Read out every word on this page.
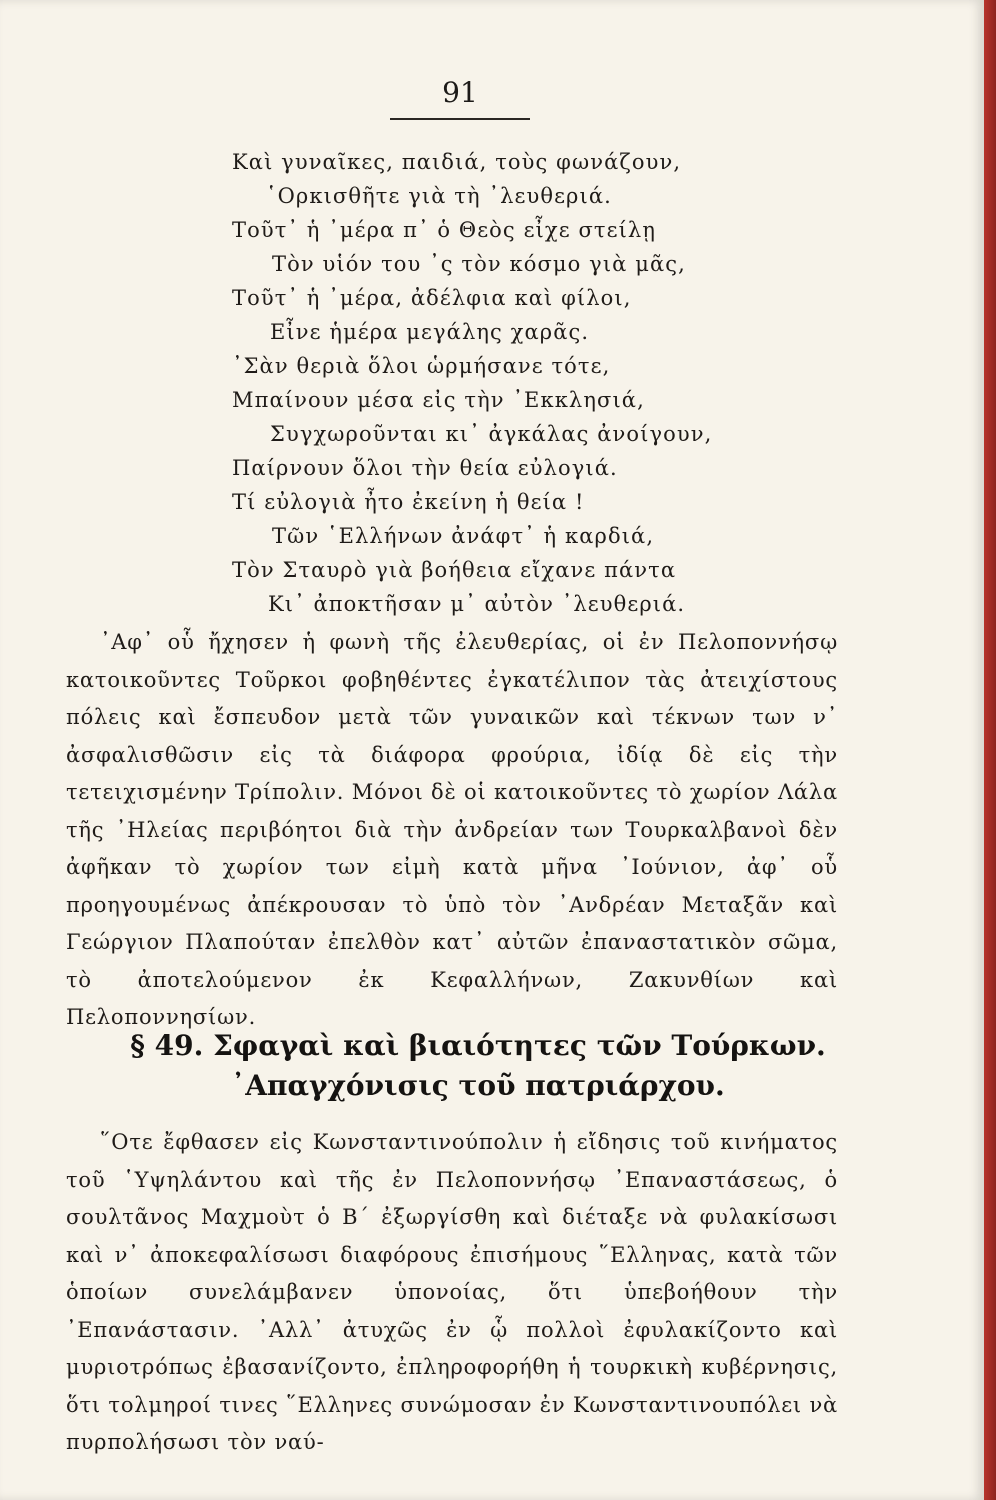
91
Καὶ γυναῖκες, παιδιά, τοὺς φωνάζουν,
῾Ορκισθῆτε γιὰ τὴ ᾽λευθεριά.
Τοῦτ᾽ ἡ ᾽μέρα π᾽ ὁ Θεὸς εἶχε στείλῃ
Τὸν υἱόν του ᾽ς τὸν κόσμο γιὰ μᾶς,
Τοῦτ᾽ ἡ ᾽μέρα, ἀδέλφια καὶ φίλοι,
Εἶνε ἡμέρα μεγάλης χαρᾶς.
᾽Σὰν θεριὰ ὅλοι ὡρμήσανε τότε,
Μπαίνουν μέσα εἰς τὴν ᾽Εκκλησιά,
Συγχωροῦνται κι᾽ ἀγκάλας ἀνοίγουν,
Παίρνουν ὅλοι τὴν θεία εὐλογιά.
Τί εὐλογιὰ ἦτο ἐκείνη ἡ θεία !
Τῶν ῾Ελλήνων ἀνάφτ᾽ ἡ καρδιά,
Τὸν Σταυρὸ γιὰ βοήθεια εἴχανε πάντα
Κι᾽ ἀποκτῆσαν μ᾽ αὐτὸν ᾽λευθεριά.

᾽Αφ᾽ οὗ ἤχησεν ἡ φωνὴ τῆς ἐλευθερίας, οἱ ἐν Πελοποννήσῳ κατοικοῦντες Τοῦρκοι φοβηθέντες ἐγκατέλιπον τὰς ἀτειχίστους πόλεις καὶ ἔσπευδον μετὰ τῶν γυναικῶν καὶ τέκνων των ν᾽ ἀσφαλισθῶσιν εἰς τὰ διάφορα φρούρια, ἰδίᾳ δὲ εἰς τὴν τετειχισμένην Τρίπολιν. Μόνοι δὲ οἱ κατοικοῦντες τὸ χωρίον Λάλα τῆς ᾽Ηλείας περιβόητοι διὰ τὴν ἀνδρείαν των Τουρκαλβανοὶ δὲν ἀφῆκαν τὸ χωρίον των εἰμὴ κατὰ μῆνα ᾽Ιούνιον, ἀφ᾽ οὗ προηγουμένως ἀπέκρουσαν τὸ ὑπὸ τὸν ᾽Ανδρέαν Μεταξᾶν καὶ Γεώργιον Πλαπούταν ἐπελθὸν κατ᾽ αὐτῶν ἐπαναστατικὸν σῶμα, τὸ ἀποτελούμενον ἐκ Κεφαλλήνων, Ζακυνθίων καὶ Πελοποννησίων.

§ 49. Σφαγαὶ καὶ βιαιότητες τῶν Τούρκων.
᾽Απαγχόνισις τοῦ πατριάρχου.

῞Οτε ἔφθασεν εἰς Κωνσταντινούπολιν ἡ εἴδησις τοῦ κινήματος τοῦ ῾Υψηλάντου καὶ τῆς ἐν Πελοποννήσῳ ᾽Επαναστάσεως, ὁ σουλτᾶνος Μαχμοὺτ ὁ Β´ ἐξωργίσθη καὶ διέταξε νὰ φυλακίσωσι καὶ ν᾽ ἀποκεφαλίσωσι διαφόρους ἐπισήμους ῞Ελληνας, κατὰ τῶν ὁποίων συνελάμβανεν ὑπονοίας, ὅτι ὑπεβοήθουν τὴν ᾽Επανάστασιν. ᾽Αλλ᾽ ἀτυχῶς ἐν ᾧ πολλοὶ ἐφυλακίζοντο καὶ μυριοτρόπως ἐβασανίζοντο, ἐπληροφορήθη ἡ τουρκικὴ κυβέρνησις, ὅτι τολμηροί τινες ῞Ελληνες συνώμοσαν ἐν Κωνσταντινουπόλει νὰ πυρπολήσωσι τὸν ναύ-
